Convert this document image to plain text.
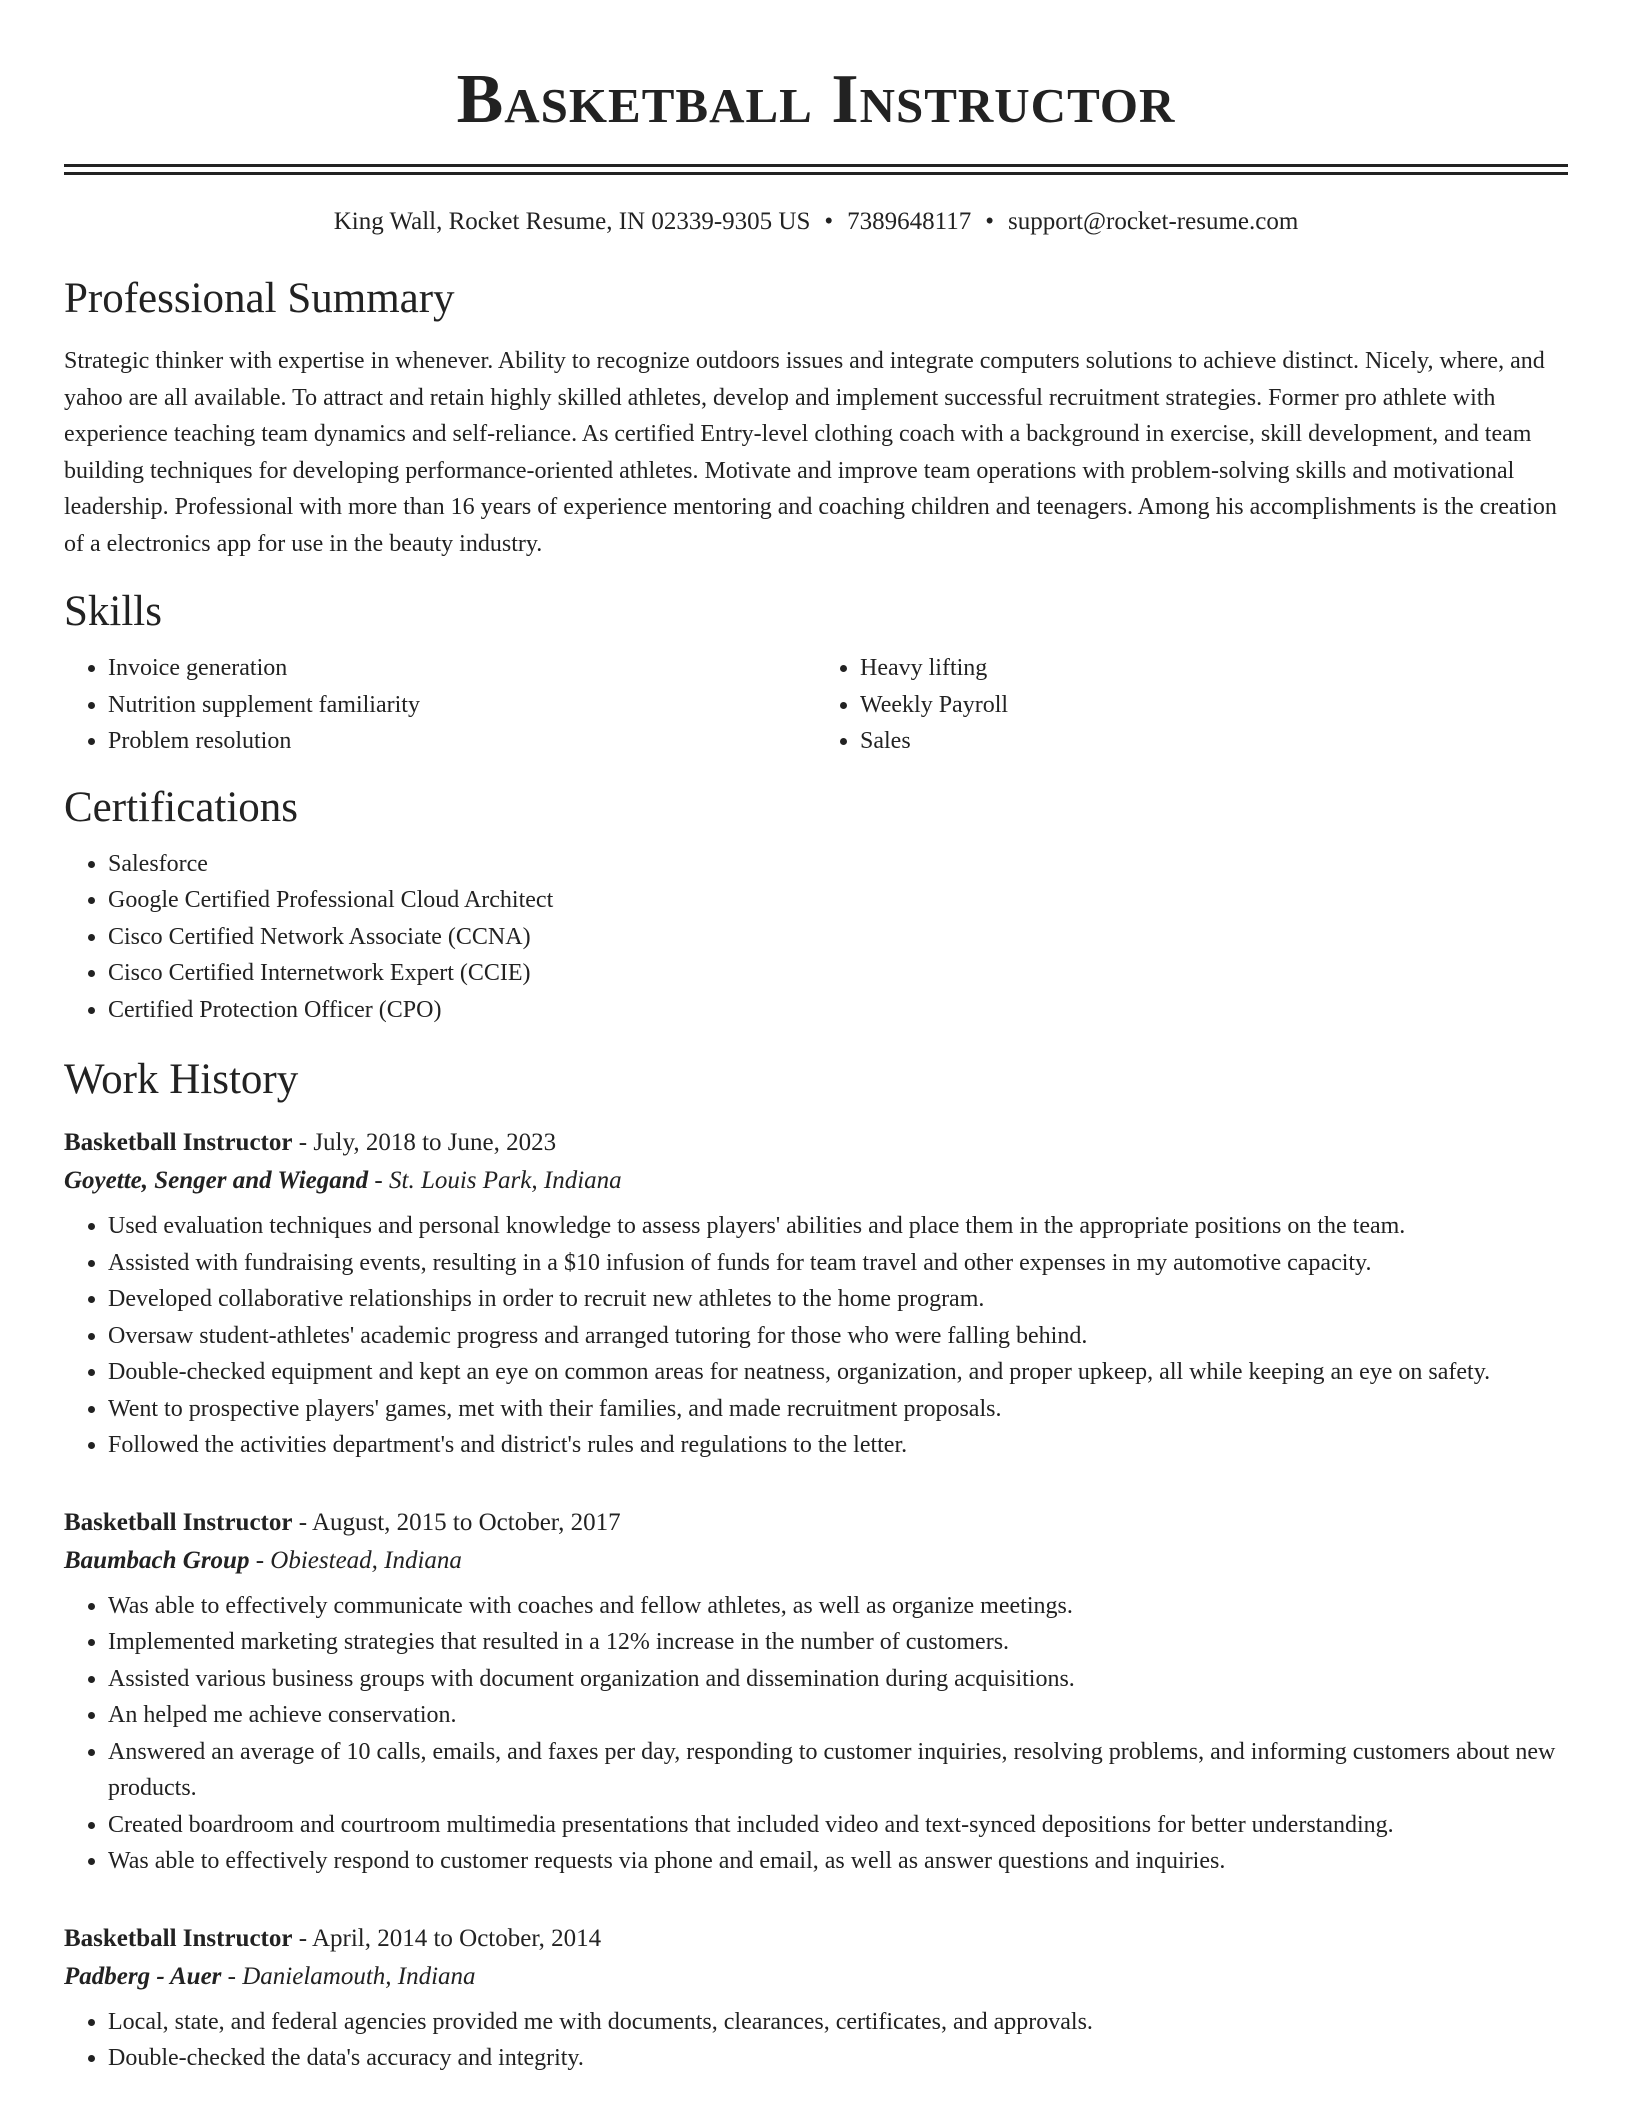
Basketball Instructor
King Wall, Rocket Resume, IN 02339-9305 US • 7389648117 • support@rocket-resume.com
Professional Summary

Strategic thinker with expertise in whenever. Ability to recognize outdoors issues and integrate computers solutions to achieve distinct. Nicely, where, and yahoo are all available. To attract and retain highly skilled athletes, develop and implement successful recruitment strategies. Former pro athlete with experience teaching team dynamics and self-reliance. As certified Entry-level clothing coach with a background in exercise, skill development, and team building techniques for developing performance-oriented athletes. Motivate and improve team operations with problem-solving skills and motivational leadership. Professional with more than 16 years of experience mentoring and coaching children and teenagers. Among his accomplishments is the creation of a electronics app for use in the beauty industry.

Skills
• Invoice generation
• Nutrition supplement familiarity
• Problem resolution
• Heavy lifting
• Weekly Payroll
• Sales
Certifications
• Salesforce
• Google Certified Professional Cloud Architect
• Cisco Certified Network Associate (CCNA)
• Cisco Certified Internetwork Expert (CCIE)
• Certified Protection Officer (CPO)
Work History
Basketball Instructor - July, 2018 to June, 2023
Goyette, Senger and Wiegand - St. Louis Park, Indiana
• Used evaluation techniques and personal knowledge to assess players' abilities and place them in the appropriate positions on the team.
• Assisted with fundraising events, resulting in a $10 infusion of funds for team travel and other expenses in my automotive capacity.
• Developed collaborative relationships in order to recruit new athletes to the home program.
• Oversaw student-athletes' academic progress and arranged tutoring for those who were falling behind.
• Double-checked equipment and kept an eye on common areas for neatness, organization, and proper upkeep, all while keeping an eye on safety.
• Went to prospective players' games, met with their families, and made recruitment proposals.
• Followed the activities department's and district's rules and regulations to the letter.
Basketball Instructor - August, 2015 to October, 2017
Baumbach Group - Obiestead, Indiana
• Was able to effectively communicate with coaches and fellow athletes, as well as organize meetings.
• Implemented marketing strategies that resulted in a 12% increase in the number of customers.
• Assisted various business groups with document organization and dissemination during acquisitions.
• An helped me achieve conservation.
• Answered an average of 10 calls, emails, and faxes per day, responding to customer inquiries, resolving problems, and informing customers about new products.
• Created boardroom and courtroom multimedia presentations that included video and text-synced depositions for better understanding.
• Was able to effectively respond to customer requests via phone and email, as well as answer questions and inquiries.
Basketball Instructor - April, 2014 to October, 2014
Padberg - Auer - Danielamouth, Indiana
• Local, state, and federal agencies provided me with documents, clearances, certificates, and approvals.
• Double-checked the data's accuracy and integrity.
